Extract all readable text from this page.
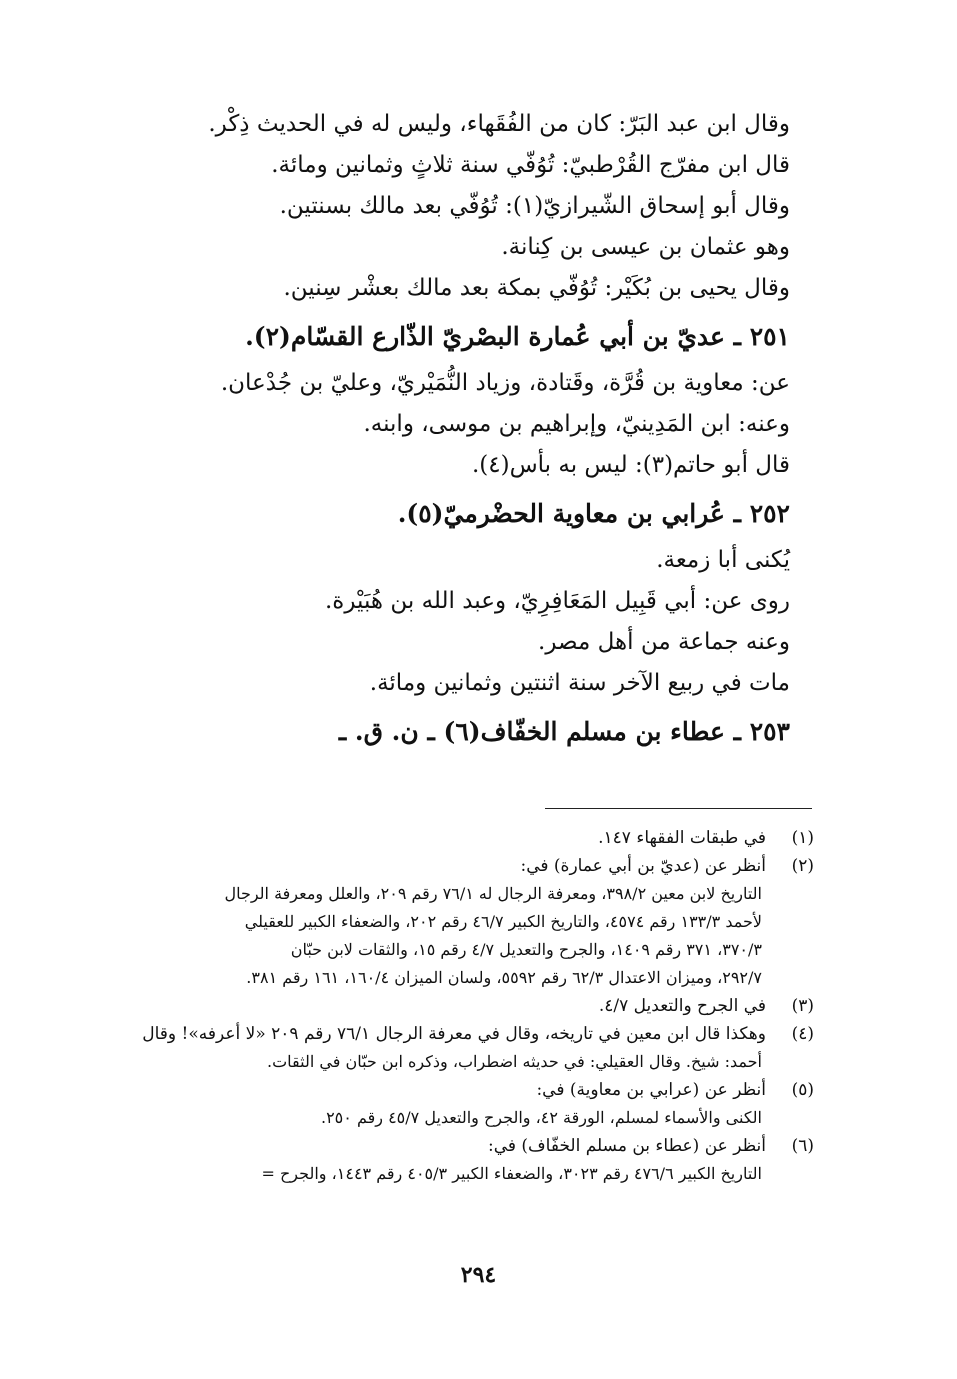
وقال ابن عبد البَرّ: كان من الفُقَهاء، وليس له في الحديث ذِكْر.
قال ابن مفرّج القُرْطبيّ: تُوُفّي سنة ثلاثٍ وثمانين ومائة.
وقال أبو إسحاق الشّيرازيّ(١): تُوُفّي بعد مالك بسنتين.
وهو عثمان بن عيسى بن كِنانة.
وقال يحيى بن بُكَيْر: تُوُفّي بمكة بعد مالك بعشْر سِنين.
٢٥١ ـ عديّ بن أبي عُمارة البصْريّ الذّارع القسّام(٢).
عن: معاوية بن قُرَّة، وقَتادة، وزياد النُّمَيْريّ، وعليّ بن جُدْعان.
وعنه: ابن المَدِينيّ، وإبراهيم بن موسى، وابنه.
قال أبو حاتم(٣): ليس به بأس(٤).
٢٥٢ ـ عُرابي بن معاوية الحضْرميّ(٥).
يُكنى أبا زمعة.
روى عن: أبي قَبِيل المَعَافِرِيّ، وعبد الله بن هُبَيْرة.
وعنه جماعة من أهل مصر.
مات في ربيع الآخر سنة اثنتين وثمانين ومائة.
٢٥٣ ـ عطاء بن مسلم الخفّاف(٦) ـ ن. ق. ـ
(١)
في طبقات الفقهاء ١٤٧.
(٢)
أنظر عن (عديّ بن أبي عمارة) في:
التاريخ لابن معين ٣٩٨/٢، ومعرفة الرجال له ٧٦/١ رقم ٢٠٩، والعلل ومعرفة الرجال
لأحمد ١٣٣/٣ رقم ٤٥٧٤، والتاريخ الكبير ٤٦/٧ رقم ٢٠٢، والضعفاء الكبير للعقيلي
٣٧٠/٣، ٣٧١ رقم ١٤٠٩، والجرح والتعديل ٤/٧ رقم ١٥، والثقات لابن حبّان
٢٩٢/٧، وميزان الاعتدال ٦٢/٣ رقم ٥٥٩٢، ولسان الميزان ١٦٠/٤، ١٦١ رقم ٣٨١.
(٣)
في الجرح والتعديل ٤/٧.
(٤)
وهكذا قال ابن معين في تاريخه، وقال في معرفة الرجال ٧٦/١ رقم ٢٠٩ «لا أعرفه»! وقال
أحمد: شيخ. وقال العقيلي: في حديثه اضطراب، وذكره ابن حبّان في الثقات.
(٥)
أنظر عن (عرابي بن معاوية) في:
الكنى والأسماء لمسلم، الورقة ٤٢، والجرح والتعديل ٤٥/٧ رقم ٢٥٠.
(٦)
أنظر عن (عطاء بن مسلم الخفّاف) في:
التاريخ الكبير ٤٧٦/٦ رقم ٣٠٢٣، والضعفاء الكبير ٤٠٥/٣ رقم ١٤٤٣، والجرح =
٢٩٤
